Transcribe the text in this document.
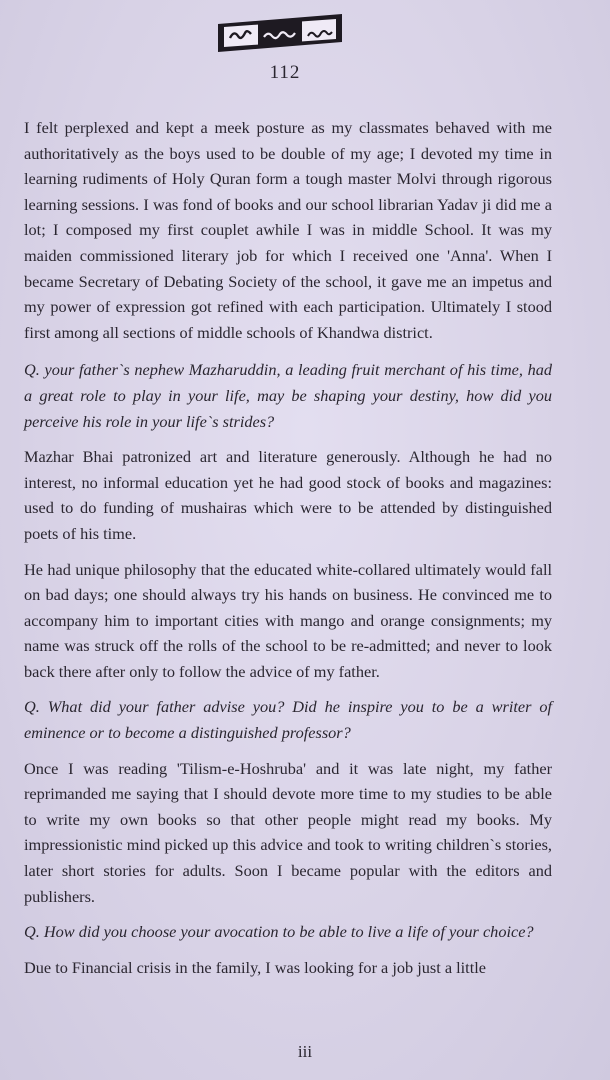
112

I felt perplexed and kept a meek posture as my classmates behaved with me authoritatively as the boys used to be double of my age; I devoted my time in learning rudiments of Holy Quran form a tough master Molvi through rigorous learning sessions. I was fond of books and our school librarian Yadav ji did me a lot; I composed my first couplet awhile I was in middle School. It was my maiden commissioned literary job for which I received one 'Anna'. When I became Secretary of Debating Society of the school, it gave me an impetus and my power of expression got refined with each participation. Ultimately I stood first among all sections of middle schools of Khandwa district.

Q. your father`s nephew Mazharuddin, a leading fruit merchant of his time, had a great role to play in your life, may be shaping your destiny, how did you perceive his role in your life`s strides?

Mazhar Bhai patronized art and literature generously. Although he had no interest, no informal education yet he had good stock of books and magazines: used to do funding of mushairas which were to be attended by distinguished poets of his time.

He had unique philosophy that the educated white-collared ultimately would fall on bad days; one should always try his hands on business. He convinced me to accompany him to important cities with mango and orange consignments; my name was struck off the rolls of the school to be re-admitted; and never to look back there after only to follow the advice of my father.

Q. What did your father advise you? Did he inspire you to be a writer of eminence or to become a distinguished professor?

Once I was reading 'Tilism-e-Hoshruba' and it was late night, my father reprimanded me saying that I should devote more time to my studies to be able to write my own books so that other people might read my books. My impressionistic mind picked up this advice and took to writing children`s stories, later short stories for adults. Soon I became popular with the editors and publishers.

Q. How did you choose your avocation to be able to live a life of your choice?

Due to Financial crisis in the family, I was looking for a job just a little

iii
